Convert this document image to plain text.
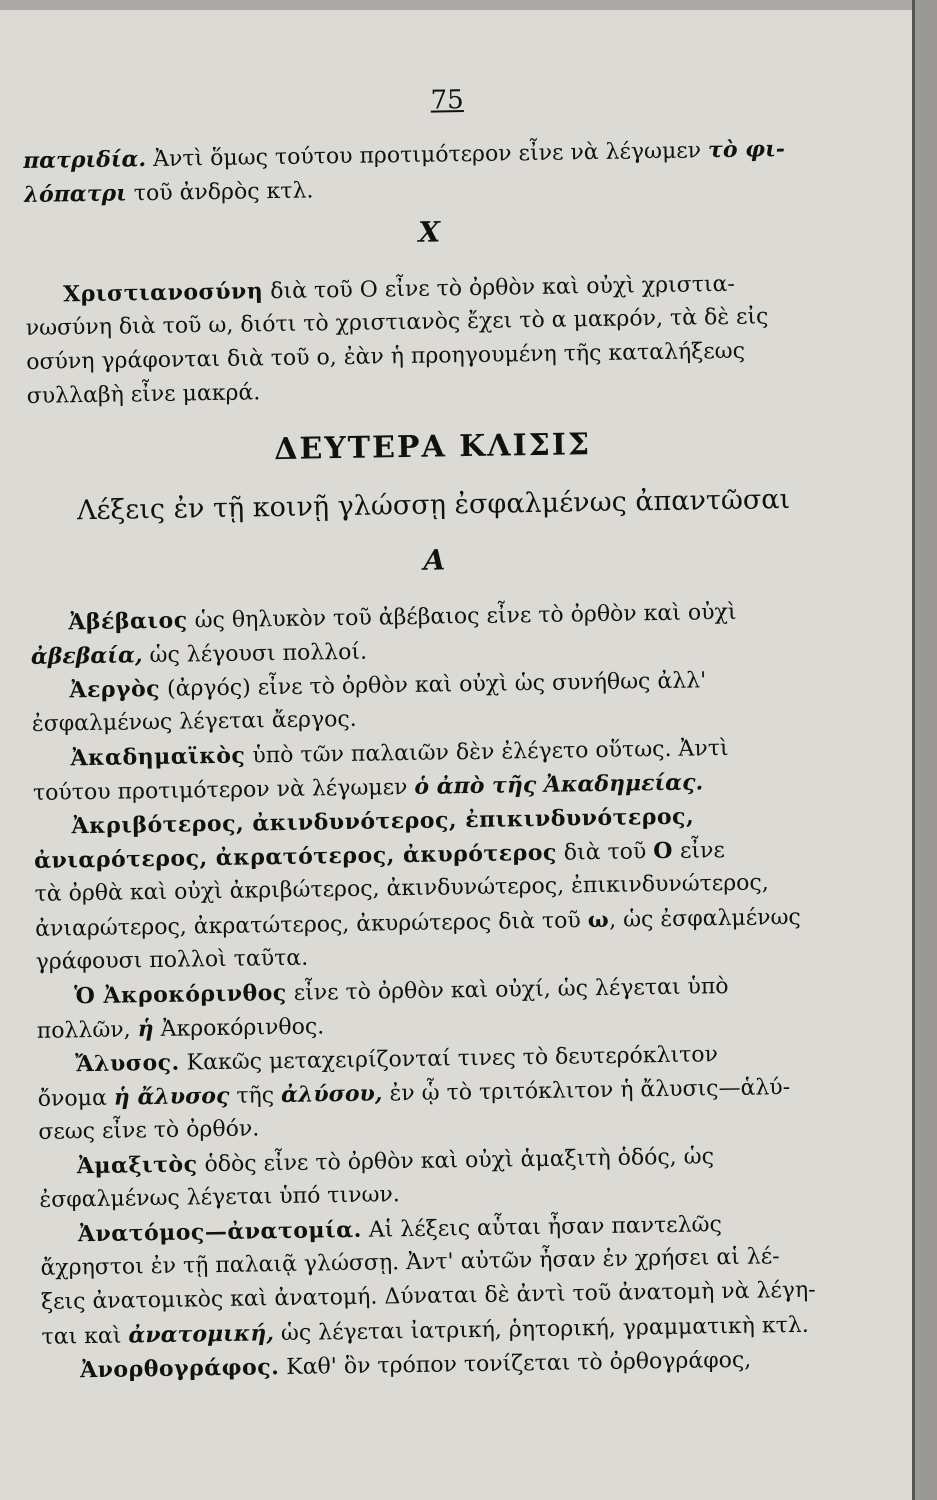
75
πατριδία. Ἀντὶ ὅμως τούτου προτιμότερον εἶνε νὰ λέγωμεν τὸ φι-
λόπατρι τοῦ ἀνδρὸς κτλ.
Χ
Χριστιανοσύνη διὰ τοῦ Ο εἶνε τὸ ὀρθὸν καὶ οὐχὶ χριστια-
νωσύνη διὰ τοῦ ω, διότι τὸ χριστιανὸς ἔχει τὸ α μακρόν, τὰ δὲ εἰς
οσύνη γράφονται διὰ τοῦ ο, ἐὰν ἡ προηγουμένη τῆς καταλήξεως
συλλαβὴ εἶνε μακρά.
ΔΕΥΤΕΡΑ ΚΛΙΣΙΣ
Λέξεις ἐν τῇ κοινῇ γλώσσῃ ἐσφαλμένως ἀπαντῶσαι
Α
Ἀβέβαιος ὡς θηλυκὸν τοῦ ἀβέβαιος εἶνε τὸ ὀρθὸν καὶ οὐχὶ
ἀβεβαία, ὡς λέγουσι πολλοί.
Ἀεργὸς (ἀργός) εἶνε τὸ ὀρθὸν καὶ οὐχὶ ὡς συνήθως ἀλλ'
ἐσφαλμένως λέγεται ἄεργος.
Ἀκαδημαϊκὸς ὑπὸ τῶν παλαιῶν δὲν ἐλέγετο οὕτως. Ἀντὶ
τούτου προτιμότερον νὰ λέγωμεν ὁ ἀπὸ τῆς Ἀκαδημείας.
Ἀκριβότερος, ἀκινδυνότερος, ἐπικινδυνότερος,
ἀνιαρότερος, ἀκρατότερος, ἀκυρότερος διὰ τοῦ Ο εἶνε
τὰ ὀρθὰ καὶ οὐχὶ ἀκριβώτερος, ἀκινδυνώτερος, ἐπικινδυνώτερος,
ἀνιαρώτερος, ἀκρατώτερος, ἀκυρώτερος διὰ τοῦ ω, ὡς ἐσφαλμένως
γράφουσι πολλοὶ ταῦτα.
Ὁ Ἀκροκόρινθος εἶνε τὸ ὀρθὸν καὶ οὐχί, ὡς λέγεται ὑπὸ
πολλῶν, ἡ Ἀκροκόρινθος.
Ἄλυσος. Κακῶς μεταχειρίζονταί τινες τὸ δευτερόκλιτον
ὄνομα ἡ ἄλυσος τῆς ἀλύσου, ἐν ᾧ τὸ τριτόκλιτον ἡ ἄλυσις—ἁλύ-
σεως εἶνε τὸ ὀρθόν.
Ἀμαξιτὸς ὁδὸς εἶνε τὸ ὀρθὸν καὶ οὐχὶ ἁμαξιτὴ ὁδός, ὡς
ἐσφαλμένως λέγεται ὑπό τινων.
Ἀνατόμος—ἀνατομία. Αἱ λέξεις αὗται ἦσαν παντελῶς
ἄχρηστοι ἐν τῇ παλαιᾷ γλώσσῃ. Ἀντ' αὐτῶν ἦσαν ἐν χρήσει αἱ λέ-
ξεις ἀνατομικὸς καὶ ἀνατομή. Δύναται δὲ ἀντὶ τοῦ ἀνατομὴ νὰ λέγη-
ται καὶ ἀνατομική, ὡς λέγεται ἰατρική, ῥητορική, γραμματικὴ κτλ.
Ἀνορθογράφος. Καθ' ὃν τρόπον τονίζεται τὸ ὀρθογράφος,
